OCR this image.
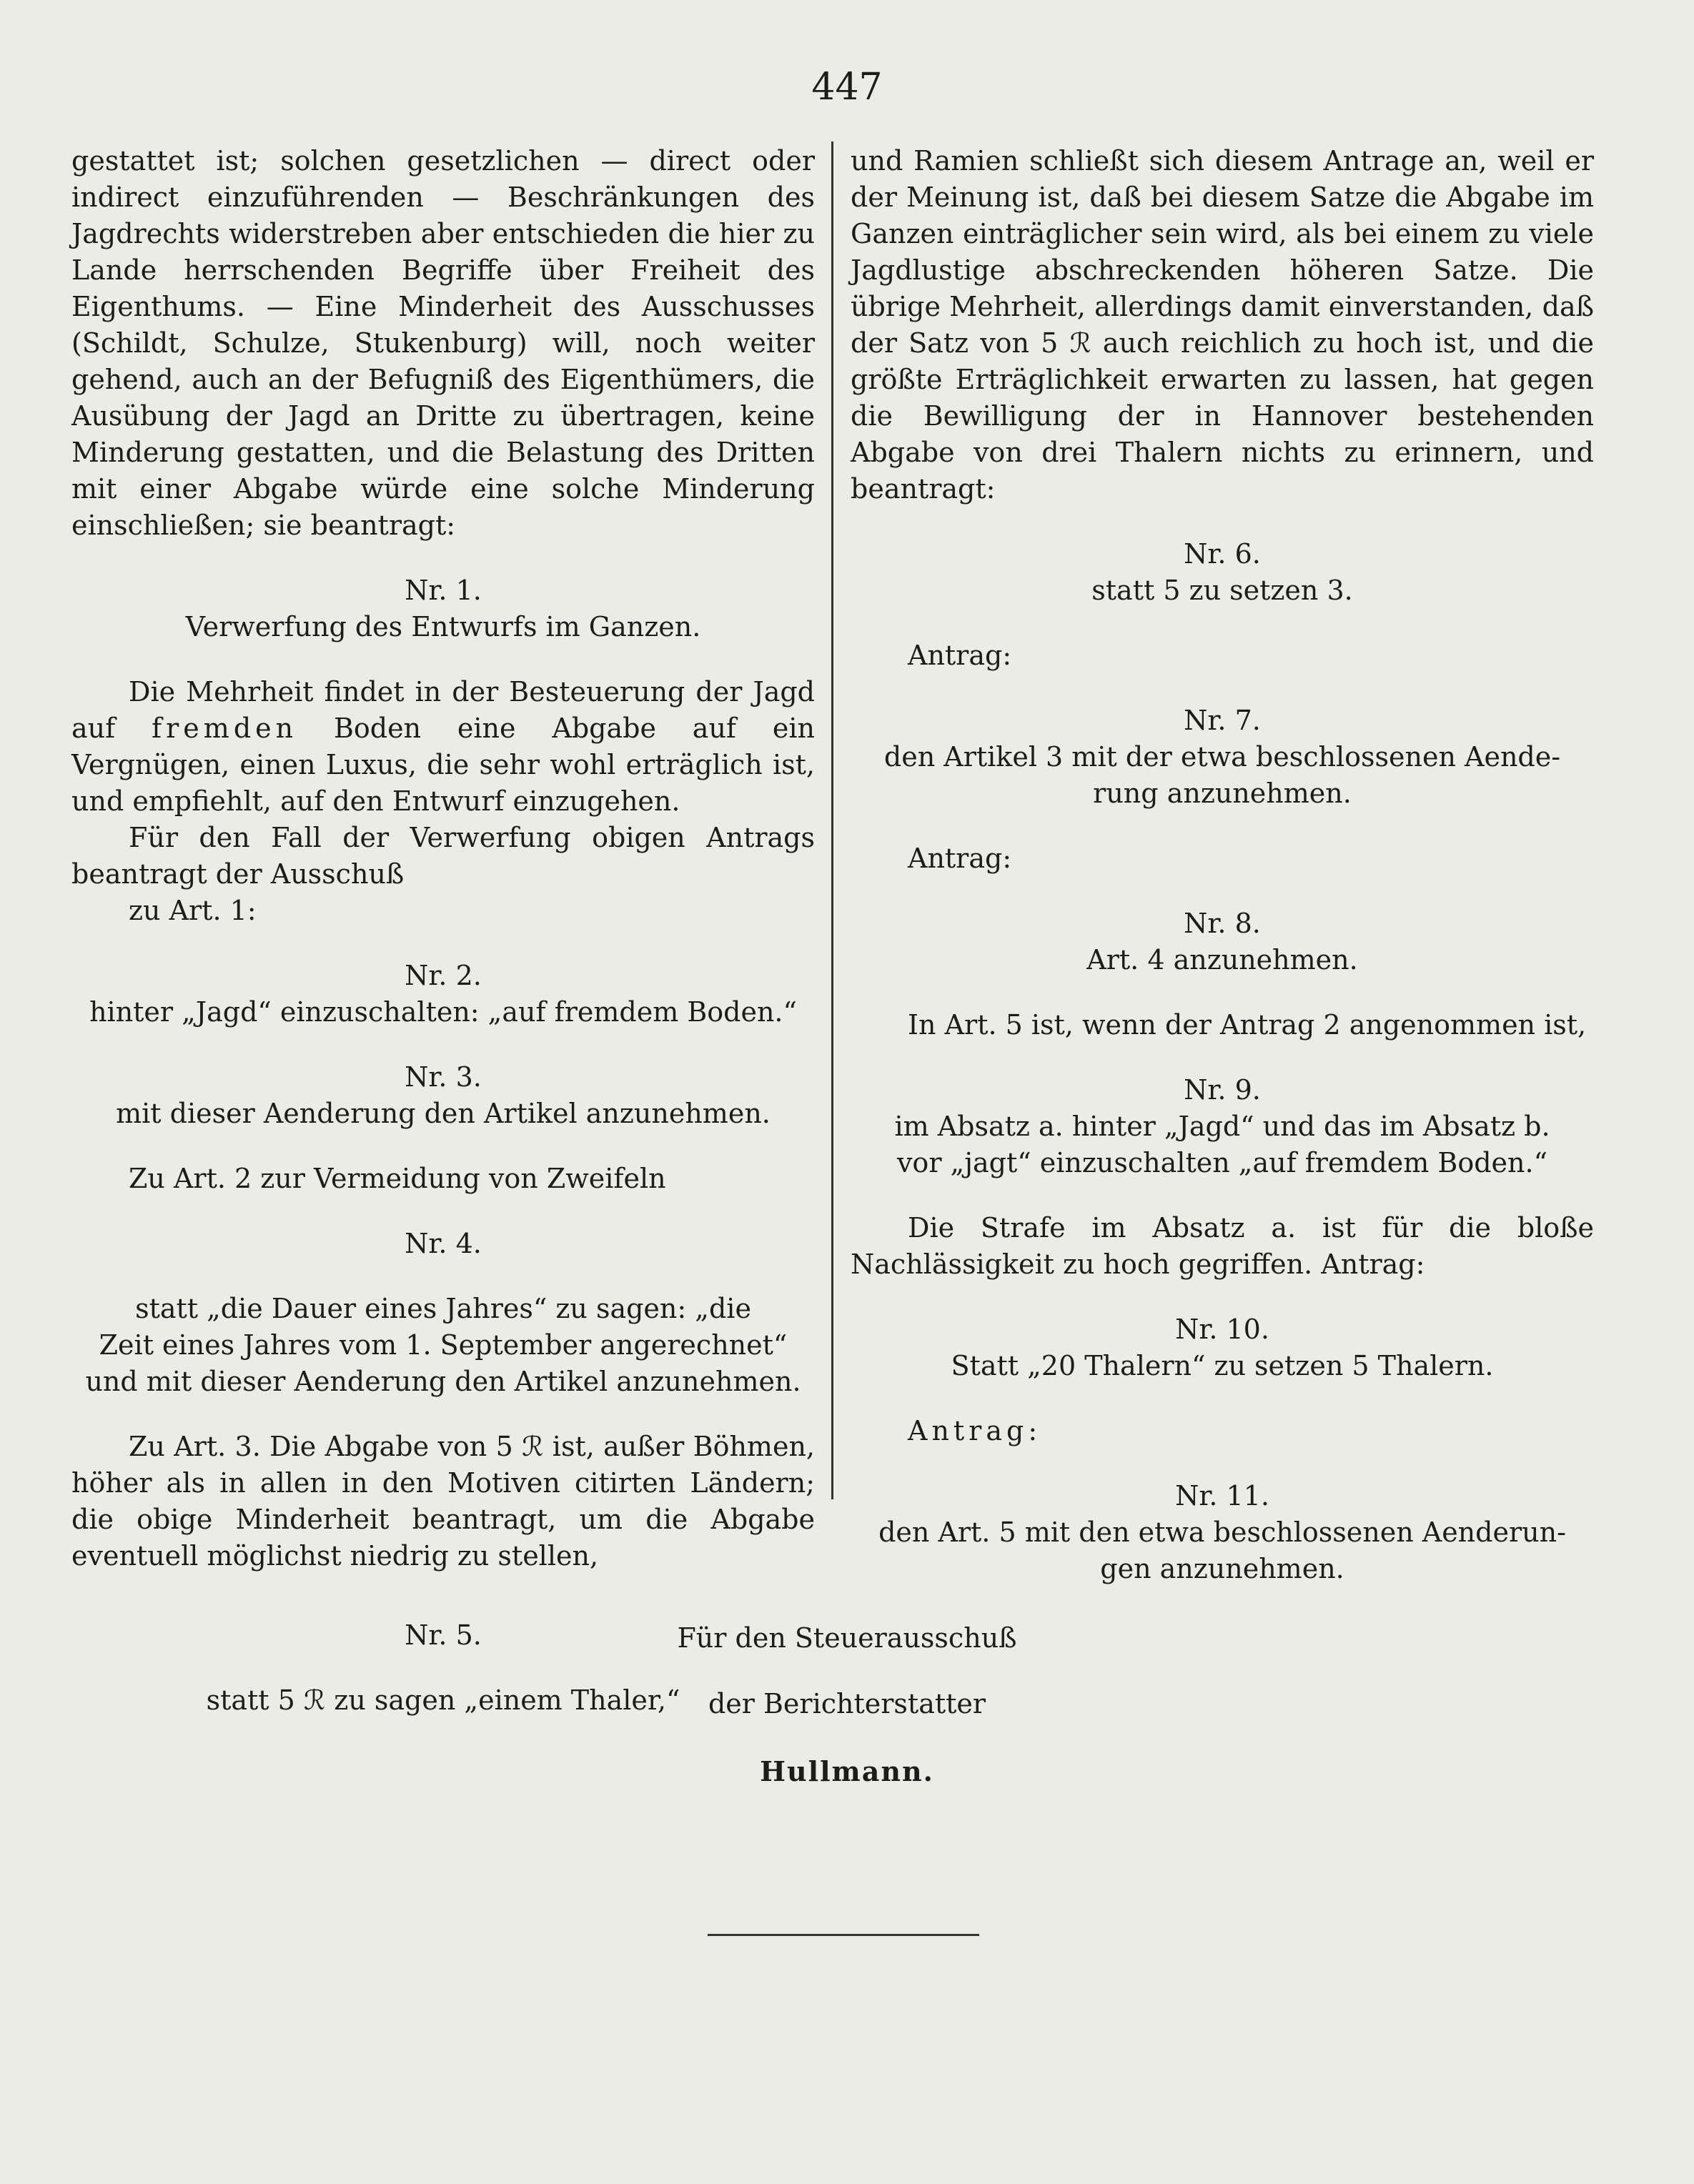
447

gestattet ist; solchen gesetzlichen — direct oder indirect einzuführenden — Beschränkungen des Jagdrechts widerstreben aber entschieden die hier zu Lande herrschenden Begriffe über Freiheit des Eigenthums. — Eine Minderheit des Ausschusses (Schildt, Schulze, Stukenburg) will, noch weiter gehend, auch an der Befugniß des Eigenthümers, die Ausübung der Jagd an Dritte zu übertragen, keine Minderung gestatten, und die Belastung des Dritten mit einer Abgabe würde eine solche Minderung einschließen; sie beantragt:

Nr. 1.

Verwerfung des Entwurfs im Ganzen.

Die Mehrheit findet in der Besteuerung der Jagd auf fremden Boden eine Abgabe auf ein Vergnügen, einen Luxus, die sehr wohl erträglich ist, und empfiehlt, auf den Entwurf einzugehen.

Für den Fall der Verwerfung obigen Antrags beantragt der Ausschuß

zu Art. 1:

Nr. 2.

hinter „Jagd“ einzuschalten: „auf fremdem Boden.“

Nr. 3.

mit dieser Aenderung den Artikel anzunehmen.

Zu Art. 2 zur Vermeidung von Zweifeln

Nr. 4.

statt „die Dauer eines Jahres“ zu sagen: „die

Zeit eines Jahres vom 1. September angerechnet“

und mit dieser Aenderung den Artikel anzunehmen.

Zu Art. 3. Die Abgabe von 5 ℛ ist, außer Böhmen, höher als in allen in den Motiven citirten Ländern; die obige Minderheit beantragt, um die Abgabe eventuell möglichst niedrig zu stellen,

Nr. 5.

statt 5 ℛ zu sagen „einem Thaler,“

und Ramien schließt sich diesem Antrage an, weil er der Meinung ist, daß bei diesem Satze die Abgabe im Ganzen einträglicher sein wird, als bei einem zu viele Jagdlustige abschreckenden höheren Satze. Die übrige Mehrheit, allerdings damit einverstanden, daß der Satz von 5 ℛ auch reichlich zu hoch ist, und die größte Erträglichkeit erwarten zu lassen, hat gegen die Bewilligung der in Hannover bestehenden Abgabe von drei Thalern nichts zu erinnern, und beantragt:

Nr. 6.

statt 5 zu setzen 3.

Antrag:

Nr. 7.

den Artikel 3 mit der etwa beschlossenen Aende-

rung anzunehmen.

Antrag:

Nr. 8.

Art. 4 anzunehmen.

In Art. 5 ist, wenn der Antrag 2 angenommen ist,

Nr. 9.

im Absatz a. hinter „Jagd“ und das im Absatz b.

vor „jagt“ einzuschalten „auf fremdem Boden.“

Die Strafe im Absatz a. ist für die bloße Nachlässigkeit zu hoch gegriffen. Antrag:

Nr. 10.

Statt „20 Thalern“ zu setzen 5 Thalern.

Antrag:

Nr. 11.

den Art. 5 mit den etwa beschlossenen Aenderun-

gen anzunehmen.

Für den Steuerausschuß
der Berichterstatter
Hullmann.
